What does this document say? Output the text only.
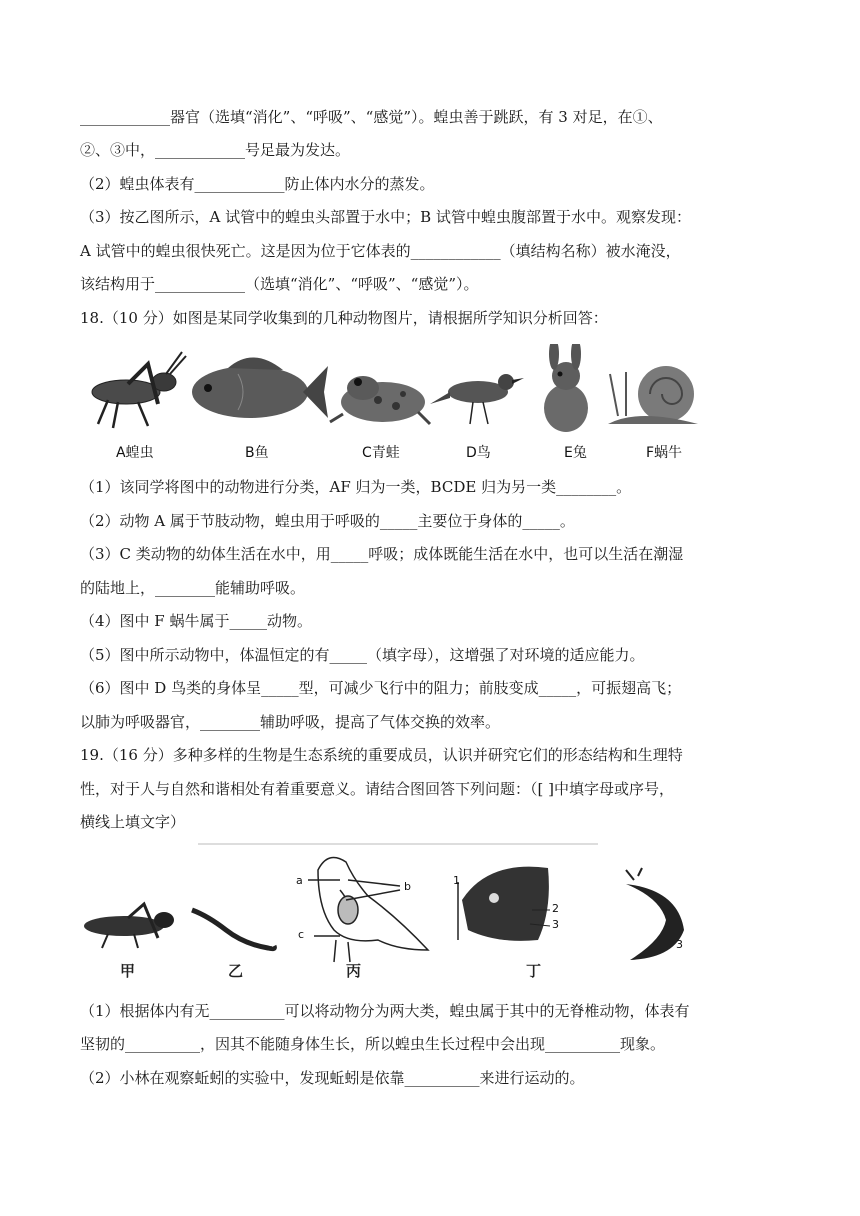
____________器官（选填“消化”、“呼吸”、“感觉”）。蝗虫善于跳跃，有 3 对足，在①、
②、③中，____________号足最为发达。
（2）蝗虫体表有____________防止体内水分的蒸发。
（3）按乙图所示，A 试管中的蝗虫头部置于水中；B 试管中蝗虫腹部置于水中。观察发现：
A 试管中的蝗虫很快死亡。这是因为位于它体表的____________（填结构名称）被水淹没，
该结构用于____________（选填“消化”、“呼吸”、“感觉”）。
18.（10 分）如图是某同学收集到的几种动物图片，请根据所学知识分析回答：
A蝗虫	B鱼	C青蛙	D鸟	E兔	F蜗牛
（1）该同学将图中的动物进行分类，AF 归为一类，BCDE 归为另一类________。
（2）动物 A 属于节肢动物，蝗虫用于呼吸的_____主要位于身体的_____。
（3）C 类动物的幼体生活在水中，用_____呼吸；成体既能生活在水中，也可以生活在潮湿
的陆地上，________能辅助呼吸。
（4）图中 F 蜗牛属于_____动物。
（5）图中所示动物中，体温恒定的有_____（填字母），这增强了对环境的适应能力。
（6）图中 D 鸟类的身体呈_____型，可减少飞行中的阻力；前肢变成_____，可振翅高飞；
以肺为呼吸器官，________辅助呼吸，提高了气体交换的效率。
19.（16 分）多种多样的生物是生态系统的重要成员，认识并研究它们的形态结构和生理特
性，对于人与自然和谐相处有着重要意义。请结合图回答下列问题：（[ ]中填字母或序号，
横线上填文字）
a	b
c
1
2
3
3
甲	乙	丙	丁
（1）根据体内有无__________可以将动物分为两大类，蝗虫属于其中的无脊椎动物，体表有
坚韧的__________，因其不能随身体生长，所以蝗虫生长过程中会出现__________现象。
（2）小林在观察蚯蚓的实验中，发现蚯蚓是依靠__________来进行运动的。
